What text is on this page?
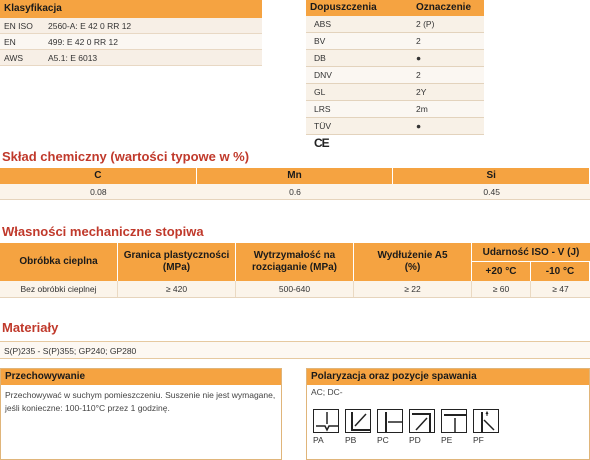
Klasyfikacja
EN ISO	2560-A: E 42 0 RR 12
EN	499: E 42 0 RR 12
AWS	A5.1: E 6013
Dopuszczenia	Oznaczenie
ABS	2 (P)
BV	2
DB	●
DNV	2
GL	2Y
LRS	2m
TÜV	●
CE
Skład chemiczny (wartości typowe w %)
C	Mn	Si
0.08	0.6	0.45
Własności mechaniczne stopiwa
Obróbka cieplna
Granica plastyczności (MPa)
Wytrzymałość na rozciąganie (MPa)
Wydłużenie A5 (%)
Udarność ISO - V (J)
+20 °C	-10 °C
Bez obróbki cieplnej	≥ 420	500-640	≥ 22	≥ 60	≥ 47
Materiały
S(P)235 - S(P)355; GP240; GP280
Przechowywanie

Przechowywać w suchym pomieszczeniu. Suszenie nie jest wymagane, jeśli konieczne: 100-110°C przez 1 godzinę.

Polaryzacja oraz pozycje spawania
AC; DC-
PA	PB	PC	PD	PE	PF
